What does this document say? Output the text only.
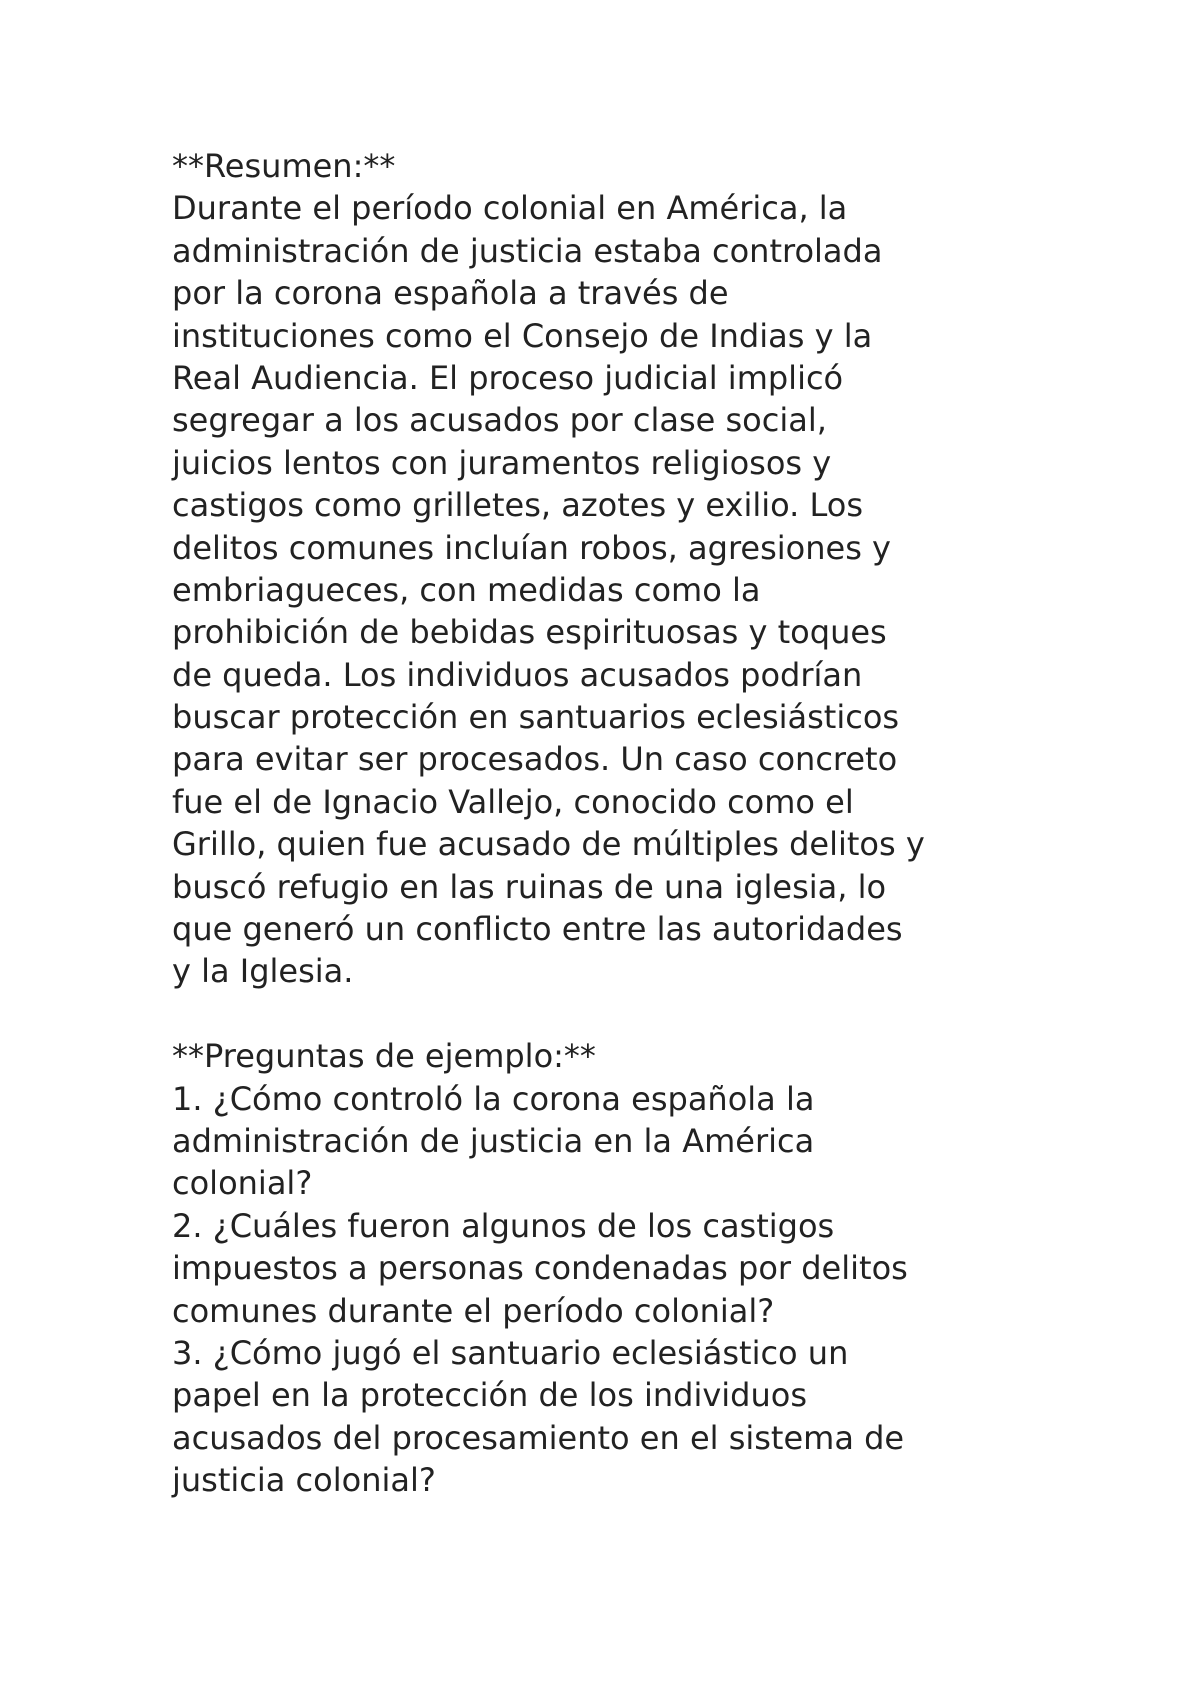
**Resumen:**
Durante el período colonial en América, la
administración de justicia estaba controlada
por la corona española a través de
instituciones como el Consejo de Indias y la
Real Audiencia. El proceso judicial implicó
segregar a los acusados por clase social,
juicios lentos con juramentos religiosos y
castigos como grilletes, azotes y exilio. Los
delitos comunes incluían robos, agresiones y
embriagueces, con medidas como la
prohibición de bebidas espirituosas y toques
de queda. Los individuos acusados podrían
buscar protección en santuarios eclesiásticos
para evitar ser procesados. Un caso concreto
fue el de Ignacio Vallejo, conocido como el
Grillo, quien fue acusado de múltiples delitos y
buscó refugio en las ruinas de una iglesia, lo
que generó un conflicto entre las autoridades
y la Iglesia.
**Preguntas de ejemplo:**
1. ¿Cómo controló la corona española la
administración de justicia en la América
colonial?
2. ¿Cuáles fueron algunos de los castigos
impuestos a personas condenadas por delitos
comunes durante el período colonial?
3. ¿Cómo jugó el santuario eclesiástico un
papel en la protección de los individuos
acusados del procesamiento en el sistema de
justicia colonial?
